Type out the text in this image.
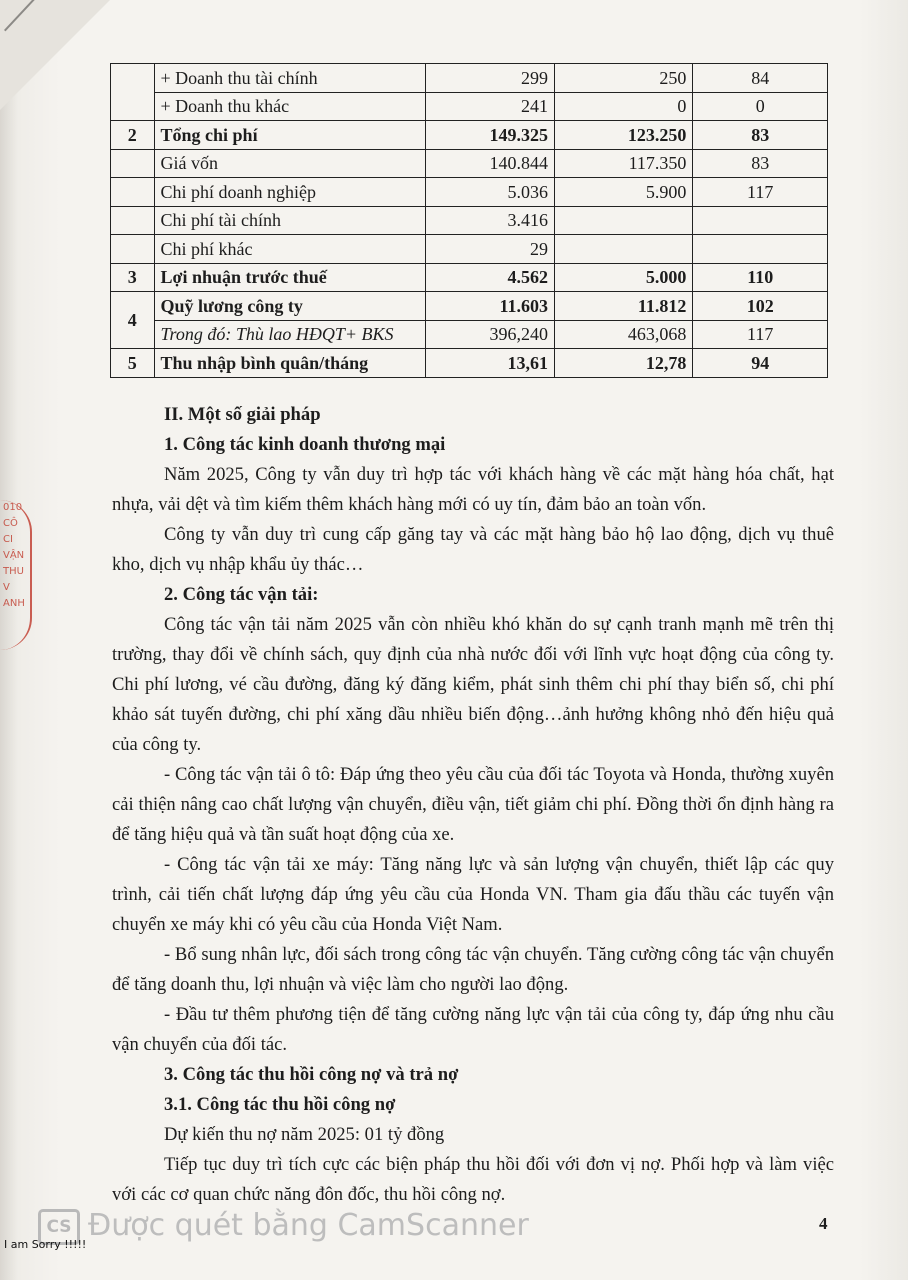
	+ Doanh thu tài chính	299	250	84
	+ Doanh thu khác	241	0	0
2	Tổng chi phí	149.325	123.250	83
	Giá vốn	140.844	117.350	83
	Chi phí doanh nghiệp	5.036	5.900	117
	Chi phí tài chính	3.416		
	Chi phí khác	29		
3	Lợi nhuận trước thuế	4.562	5.000	110
4	Quỹ lương công ty	11.603	11.812	102
	Trong đó: Thù lao HĐQT+ BKS	396,240	463,068	117
5	Thu nhập bình quân/tháng	13,61	12,78	94

II. Một số giải pháp

1. Công tác kinh doanh thương mại

Năm 2025, Công ty vẫn duy trì hợp tác với khách hàng về các mặt hàng hóa chất, hạt nhựa, vải dệt và tìm kiếm thêm khách hàng mới có uy tín, đảm bảo an toàn vốn.

Công ty vẫn duy trì cung cấp găng tay và các mặt hàng bảo hộ lao động, dịch vụ thuê kho, dịch vụ nhập khẩu ủy thác…

2. Công tác vận tải:

Công tác vận tải năm 2025 vẫn còn nhiều khó khăn do sự cạnh tranh mạnh mẽ trên thị trường, thay đổi về chính sách, quy định của nhà nước đối với lĩnh vực hoạt động của công ty. Chi phí lương, vé cầu đường, đăng ký đăng kiểm, phát sinh thêm chi phí thay biển số, chi phí khảo sát tuyến đường, chi phí xăng dầu nhiều biến động…ảnh hưởng không nhỏ đến hiệu quả của công ty.

- Công tác vận tải ô tô: Đáp ứng theo yêu cầu của đối tác Toyota và Honda, thường xuyên cải thiện nâng cao chất lượng vận chuyển, điều vận, tiết giảm chi phí. Đồng thời ổn định hàng ra để tăng hiệu quả và tần suất hoạt động của xe.

- Công tác vận tải xe máy: Tăng năng lực và sản lượng vận chuyển, thiết lập các quy trình, cải tiến chất lượng đáp ứng yêu cầu của Honda VN. Tham gia đấu thầu các tuyến vận chuyển xe máy khi có yêu cầu của Honda Việt Nam.

- Bổ sung nhân lực, đối sách trong công tác vận chuyển. Tăng cường công tác vận chuyển để tăng doanh thu, lợi nhuận và việc làm cho người lao động.

- Đầu tư thêm phương tiện để tăng cường năng lực vận tải của công ty, đáp ứng nhu cầu vận chuyển của đối tác.

3. Công tác thu hồi công nợ và trả nợ

3.1. Công tác thu hồi công nợ

Dự kiến thu nợ năm 2025: 01 tỷ đồng

Tiếp tục duy trì tích cực các biện pháp thu hồi đối với đơn vị nợ. Phối hợp và làm việc với các cơ quan chức năng đôn đốc, thu hồi công nợ.

010
CÔ
CI
VẬN
THU
V
ANH
CS Được quét bằng CamScanner
I am Sorry !!!!!
4
